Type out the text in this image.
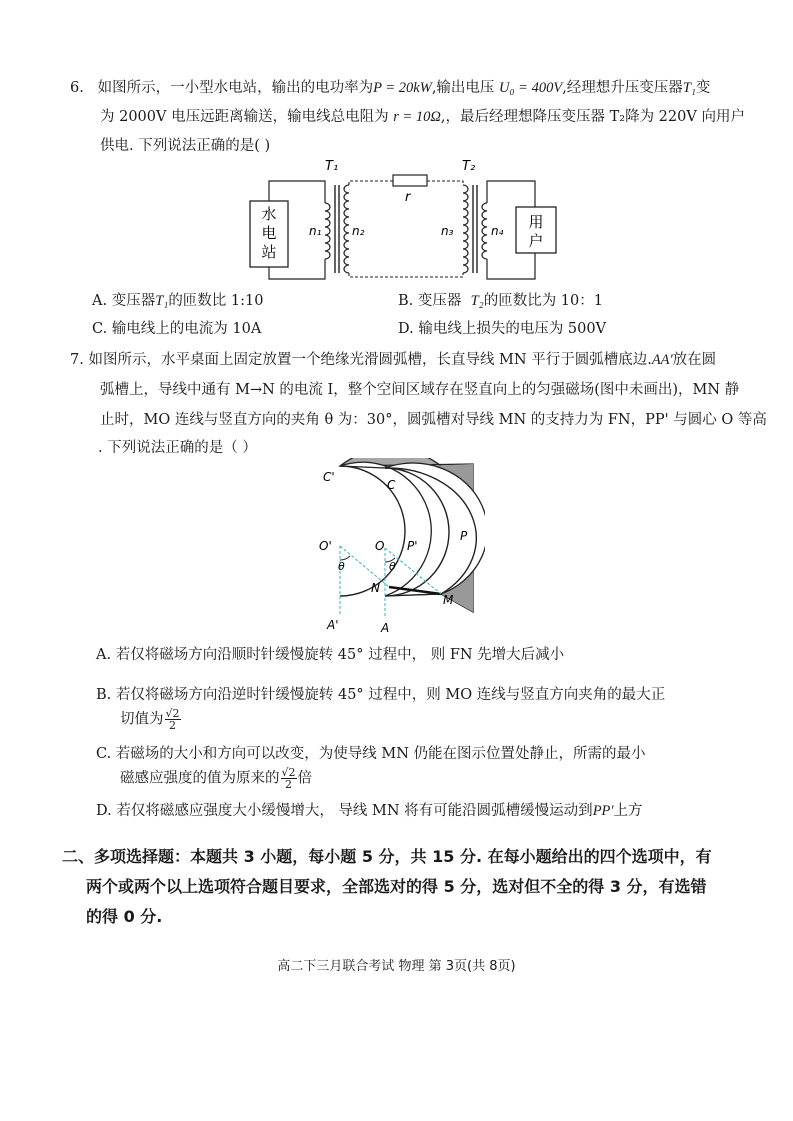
6. 如图所示，一小型水电站，输出的电功率为P = 20kW,输出电压 U₀ = 400V,经理想升压变压器T₁变
为 2000V 电压远距离输送，输电线总电阻为 r = 10Ω,，最后经理想降压变压器 T₂降为 220V 向用户
供电. 下列说法正确的是( )
水
电
站
用
户
T₁	T₂
r
n₁	n₂	n₃	n₄
A. 变压器T₁的匝数比 1:10	B. 变压器 T₂的匝数比为 10：1
C. 输电线上的电流为 10A	D. 输电线上损失的电压为 500V
7. 如图所示，水平桌面上固定放置一个绝缘光滑圆弧槽，长直导线 MN 平行于圆弧槽底边.AA'放在圆
弧槽上，导线中通有 M→N 的电流 I，整个空间区域存在竖直向上的匀强磁场(图中未画出)，MN 静
止时，MO 连线与竖直方向的夹角 θ 为：30°，圆弧槽对导线 MN 的支持力为 FN，PP' 与圆心 O 等高
. 下列说法正确的是（ ）
C'
C
O'	O P'
P
θ	θ
N
M
A'	A
A. 若仅将磁场方向沿顺时针缓慢旋转 45° 过程中， 则 FN 先增大后减小
B. 若仅将磁场方向沿逆时针缓慢旋转 45° 过程中，则 MO 连线与竖直方向夹角的最大正
切值为 $\frac{√2}{2}$
C. 若磁场的大小和方向可以改变，为使导线 MN 仍能在图示位置处静止，所需的最小
磁感应强度的值为原来的 $\frac{√2}{2}$ 倍
D. 若仅将磁感应强度大小缓慢增大， 导线 MN 将有可能沿圆弧槽缓慢运动到PP'上方
二、多项选择题：本题共 3 小题，每小题 5 分，共 15 分. 在每小题给出的四个选项中，有
两个或两个以上选项符合题目要求，全部选对的得 5 分，选对但不全的得 3 分，有选错
的得 0 分.
高二下三月联合考试 物理 第 3页(共 8页)
